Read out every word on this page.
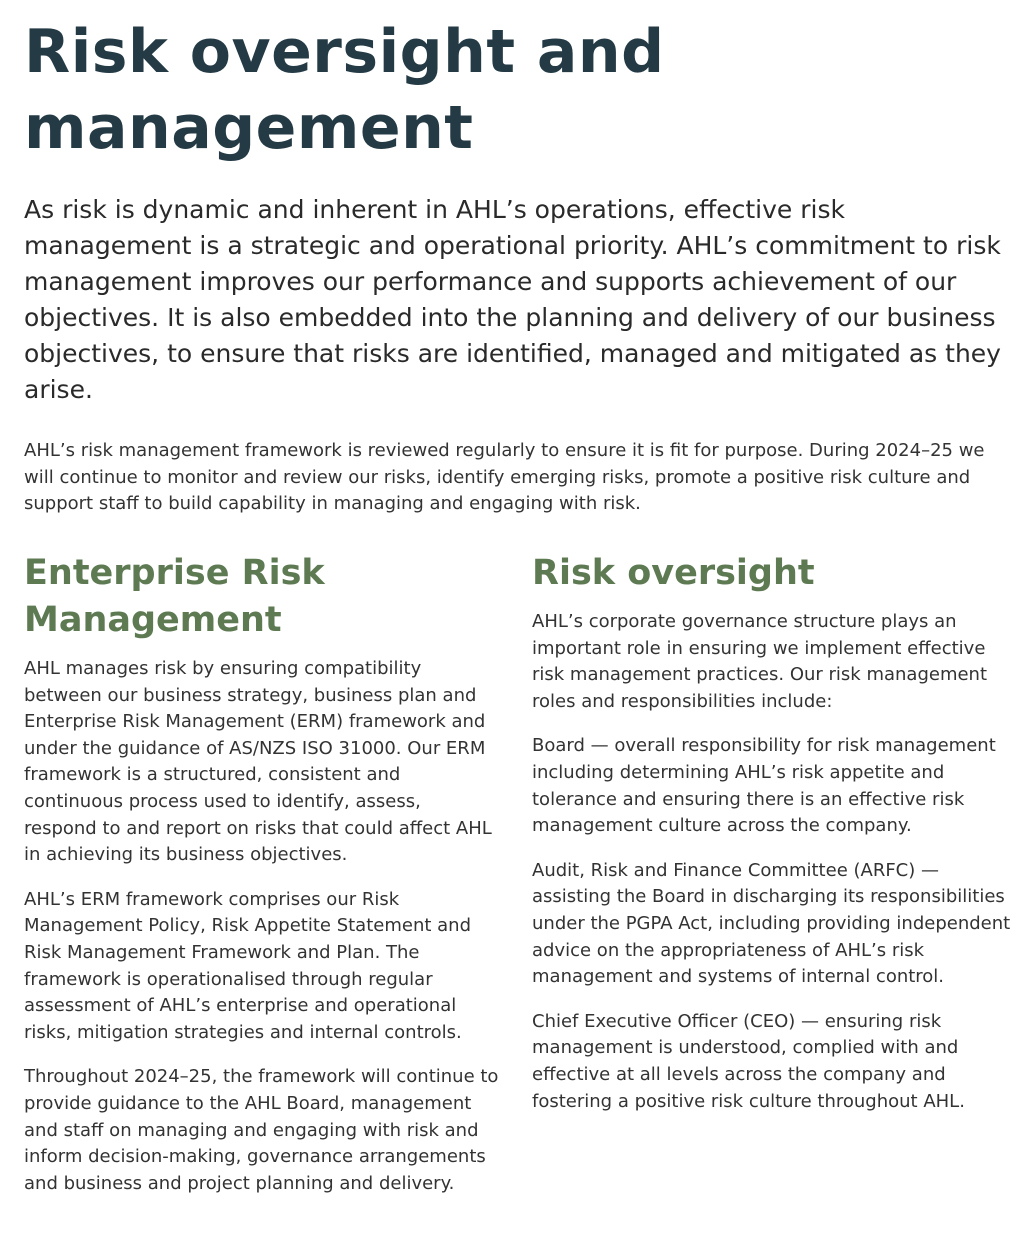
Risk oversight and management

As risk is dynamic and inherent in AHL’s operations, effective risk management is a strategic and operational priority. AHL’s commitment to risk management improves our performance and supports achievement of our objectives. It is also embedded into the planning and delivery of our business objectives, to ensure that risks are identified, managed and mitigated as they arise.

AHL’s risk management framework is reviewed regularly to ensure it is fit for purpose. During 2024–25 we will continue to monitor and review our risks, identify emerging risks, promote a positive risk culture and support staff to build capability in managing and engaging with risk.

Enterprise Risk Management

AHL manages risk by ensuring compatibility between our business strategy, business plan and Enterprise Risk Management (ERM) framework and under the guidance of AS/NZS ISO 31000. Our ERM framework is a structured, consistent and continuous process used to identify, assess, respond to and report on risks that could affect AHL in achieving its business objectives.

AHL’s ERM framework comprises our Risk Management Policy, Risk Appetite Statement and Risk Management Framework and Plan. The framework is operationalised through regular assessment of AHL’s enterprise and operational risks, mitigation strategies and internal controls.

Throughout 2024–25, the framework will continue to provide guidance to the AHL Board, management and staff on managing and engaging with risk and inform decision-making, governance arrangements and business and project planning and delivery.

Risk oversight

AHL’s corporate governance structure plays an important role in ensuring we implement effective risk management practices. Our risk management roles and responsibilities include:

Board — overall responsibility for risk management including determining AHL’s risk appetite and tolerance and ensuring there is an effective risk management culture across the company.

Audit, Risk and Finance Committee (ARFC) — assisting the Board in discharging its responsibilities under the PGPA Act, including providing independent advice on the appropriateness of AHL’s risk management and systems of internal control.

Chief Executive Officer (CEO) — ensuring risk management is understood, complied with and effective at all levels across the company and fostering a positive risk culture throughout AHL.
